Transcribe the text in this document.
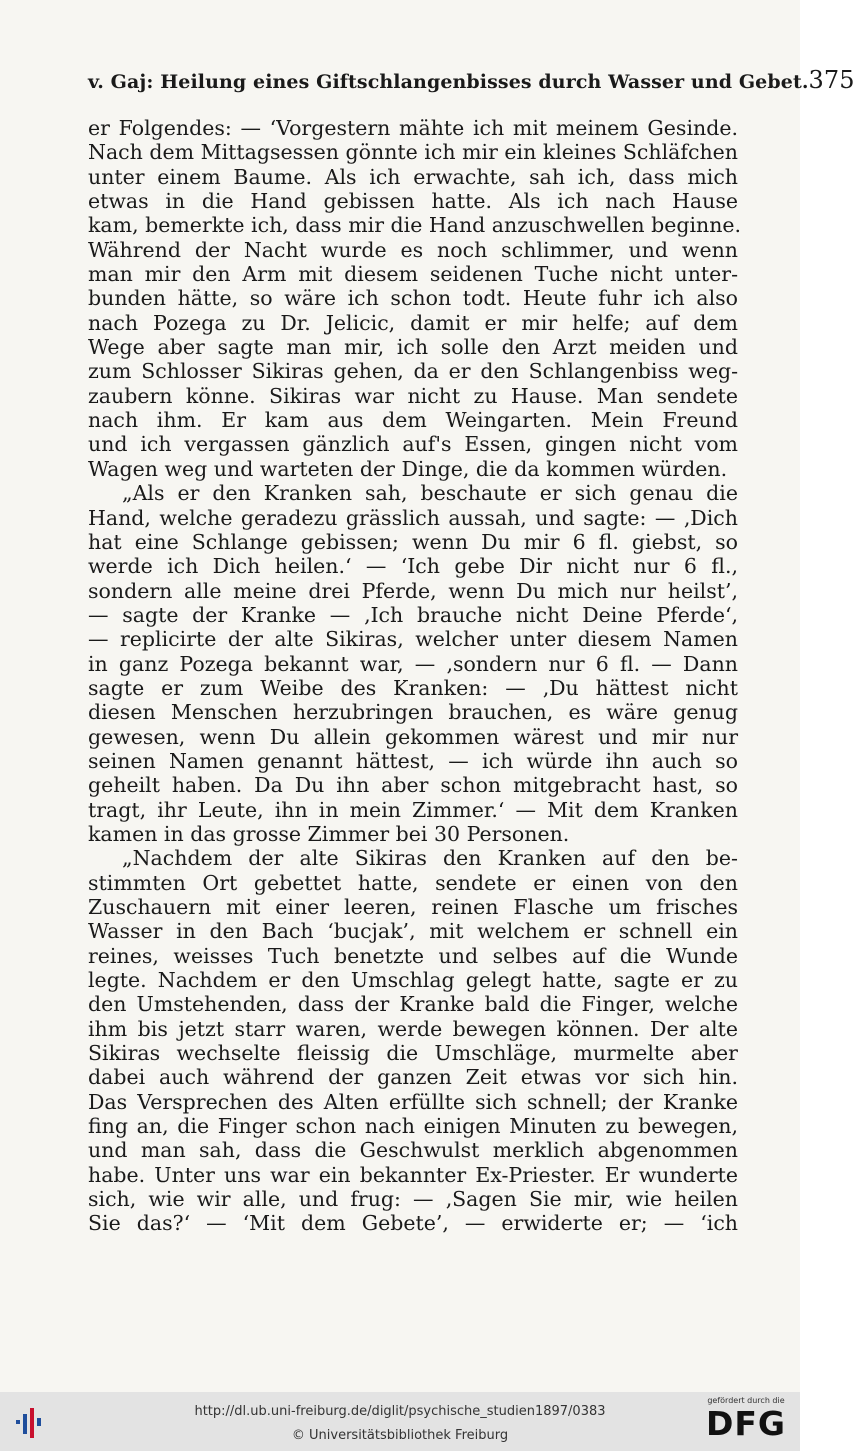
v. Gaj: Heilung eines Giftschlangenbisses durch Wasser und Gebet. 375
er Folgendes: — ‘Vorgestern mähte ich mit meinem Gesinde.
Nach dem Mittagsessen gönnte ich mir ein kleines Schläfchen
unter einem Baume. Als ich erwachte, sah ich, dass mich
etwas in die Hand gebissen hatte. Als ich nach Hause
kam, bemerkte ich, dass mir die Hand anzuschwellen beginne.
Während der Nacht wurde es noch schlimmer, und wenn
man mir den Arm mit diesem seidenen Tuche nicht unter-
bunden hätte, so wäre ich schon todt. Heute fuhr ich also
nach Pozega zu Dr. Jelicic, damit er mir helfe; auf dem
Wege aber sagte man mir, ich solle den Arzt meiden und
zum Schlosser Sikiras gehen, da er den Schlangenbiss weg-
zaubern könne. Sikiras war nicht zu Hause. Man sendete
nach ihm. Er kam aus dem Weingarten. Mein Freund
und ich vergassen gänzlich auf's Essen, gingen nicht vom
Wagen weg und warteten der Dinge, die da kommen würden.
„Als er den Kranken sah, beschaute er sich genau die
Hand, welche geradezu grässlich aussah, und sagte: — ‚Dich
hat eine Schlange gebissen; wenn Du mir 6 fl. giebst, so
werde ich Dich heilen.‘ — ‘Ich gebe Dir nicht nur 6 fl.,
sondern alle meine drei Pferde, wenn Du mich nur heilst’,
— sagte der Kranke — ‚Ich brauche nicht Deine Pferde‘,
— replicirte der alte Sikiras, welcher unter diesem Namen
in ganz Pozega bekannt war, — ‚sondern nur 6 fl. — Dann
sagte er zum Weibe des Kranken: — ‚Du hättest nicht
diesen Menschen herzubringen brauchen, es wäre genug
gewesen, wenn Du allein gekommen wärest und mir nur
seinen Namen genannt hättest, — ich würde ihn auch so
geheilt haben. Da Du ihn aber schon mitgebracht hast, so
tragt, ihr Leute, ihn in mein Zimmer.‘ — Mit dem Kranken
kamen in das grosse Zimmer bei 30 Personen.
„Nachdem der alte Sikiras den Kranken auf den be-
stimmten Ort gebettet hatte, sendete er einen von den
Zuschauern mit einer leeren, reinen Flasche um frisches
Wasser in den Bach ‘bucjak’, mit welchem er schnell ein
reines, weisses Tuch benetzte und selbes auf die Wunde
legte. Nachdem er den Umschlag gelegt hatte, sagte er zu
den Umstehenden, dass der Kranke bald die Finger, welche
ihm bis jetzt starr waren, werde bewegen können. Der alte
Sikiras wechselte fleissig die Umschläge, murmelte aber
dabei auch während der ganzen Zeit etwas vor sich hin.
Das Versprechen des Alten erfüllte sich schnell; der Kranke
fing an, die Finger schon nach einigen Minuten zu bewegen,
und man sah, dass die Geschwulst merklich abgenommen
habe. Unter uns war ein bekannter Ex-Priester. Er wunderte
sich, wie wir alle, und frug: — ‚Sagen Sie mir, wie heilen
Sie das?‘ — ‘Mit dem Gebete’, — erwiderte er; — ‘ich
http://dl.ub.uni-freiburg.de/diglit/psychische_studien1897/0383
© Universitätsbibliothek Freiburg
gefördert durch die
DFG
